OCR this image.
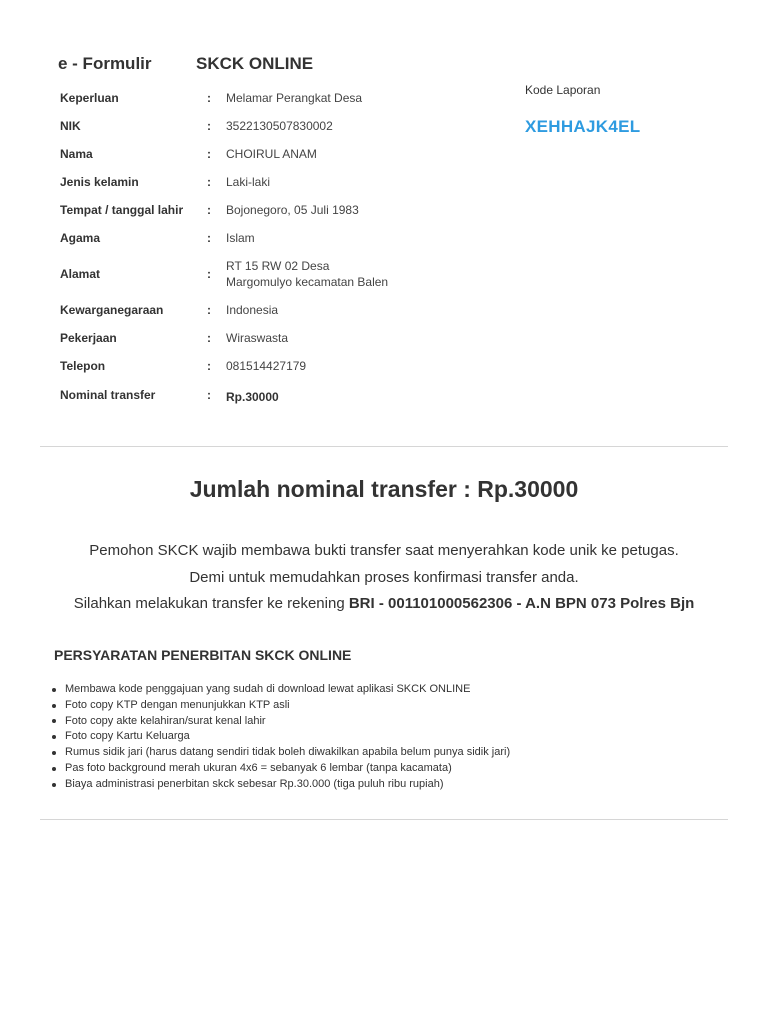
e - Formulir	SKCK ONLINE
Keperluan	:	Melamar Perangkat Desa
NIK	:	3522130507830002
Nama	:	CHOIRUL ANAM
Jenis kelamin	:	Laki-laki
Tempat / tanggal lahir	:	Bojonegoro, 05 Juli 1983
Agama	:	Islam
Alamat	:
RT 15 RW 02 Desa
Margomulyo kecamatan Balen
Kewarganegaraan	:	Indonesia
Pekerjaan	:	Wiraswasta
Telepon	:	081514427179
Nominal transfer	:	Rp.30000
Kode Laporan
XEHHAJK4EL
Jumlah nominal transfer : Rp.30000

Pemohon SKCK wajib membawa bukti transfer saat menyerahkan kode unik ke petugas.

Demi untuk memudahkan proses konfirmasi transfer anda.

Silahkan melakukan transfer ke rekening BRI - 001101000562306 - A.N BPN 073 Polres Bjn

PERSYARATAN PENERBITAN SKCK ONLINE
Membawa kode penggajuan yang sudah di download lewat aplikasi SKCK ONLINE
Foto copy KTP dengan menunjukkan KTP asli
Foto copy akte kelahiran/surat kenal lahir
Foto copy Kartu Keluarga
Rumus sidik jari (harus datang sendiri tidak boleh diwakilkan apabila belum punya sidik jari)
Pas foto background merah ukuran 4x6 = sebanyak 6 lembar (tanpa kacamata)
Biaya administrasi penerbitan skck sebesar Rp.30.000 (tiga puluh ribu rupiah)
